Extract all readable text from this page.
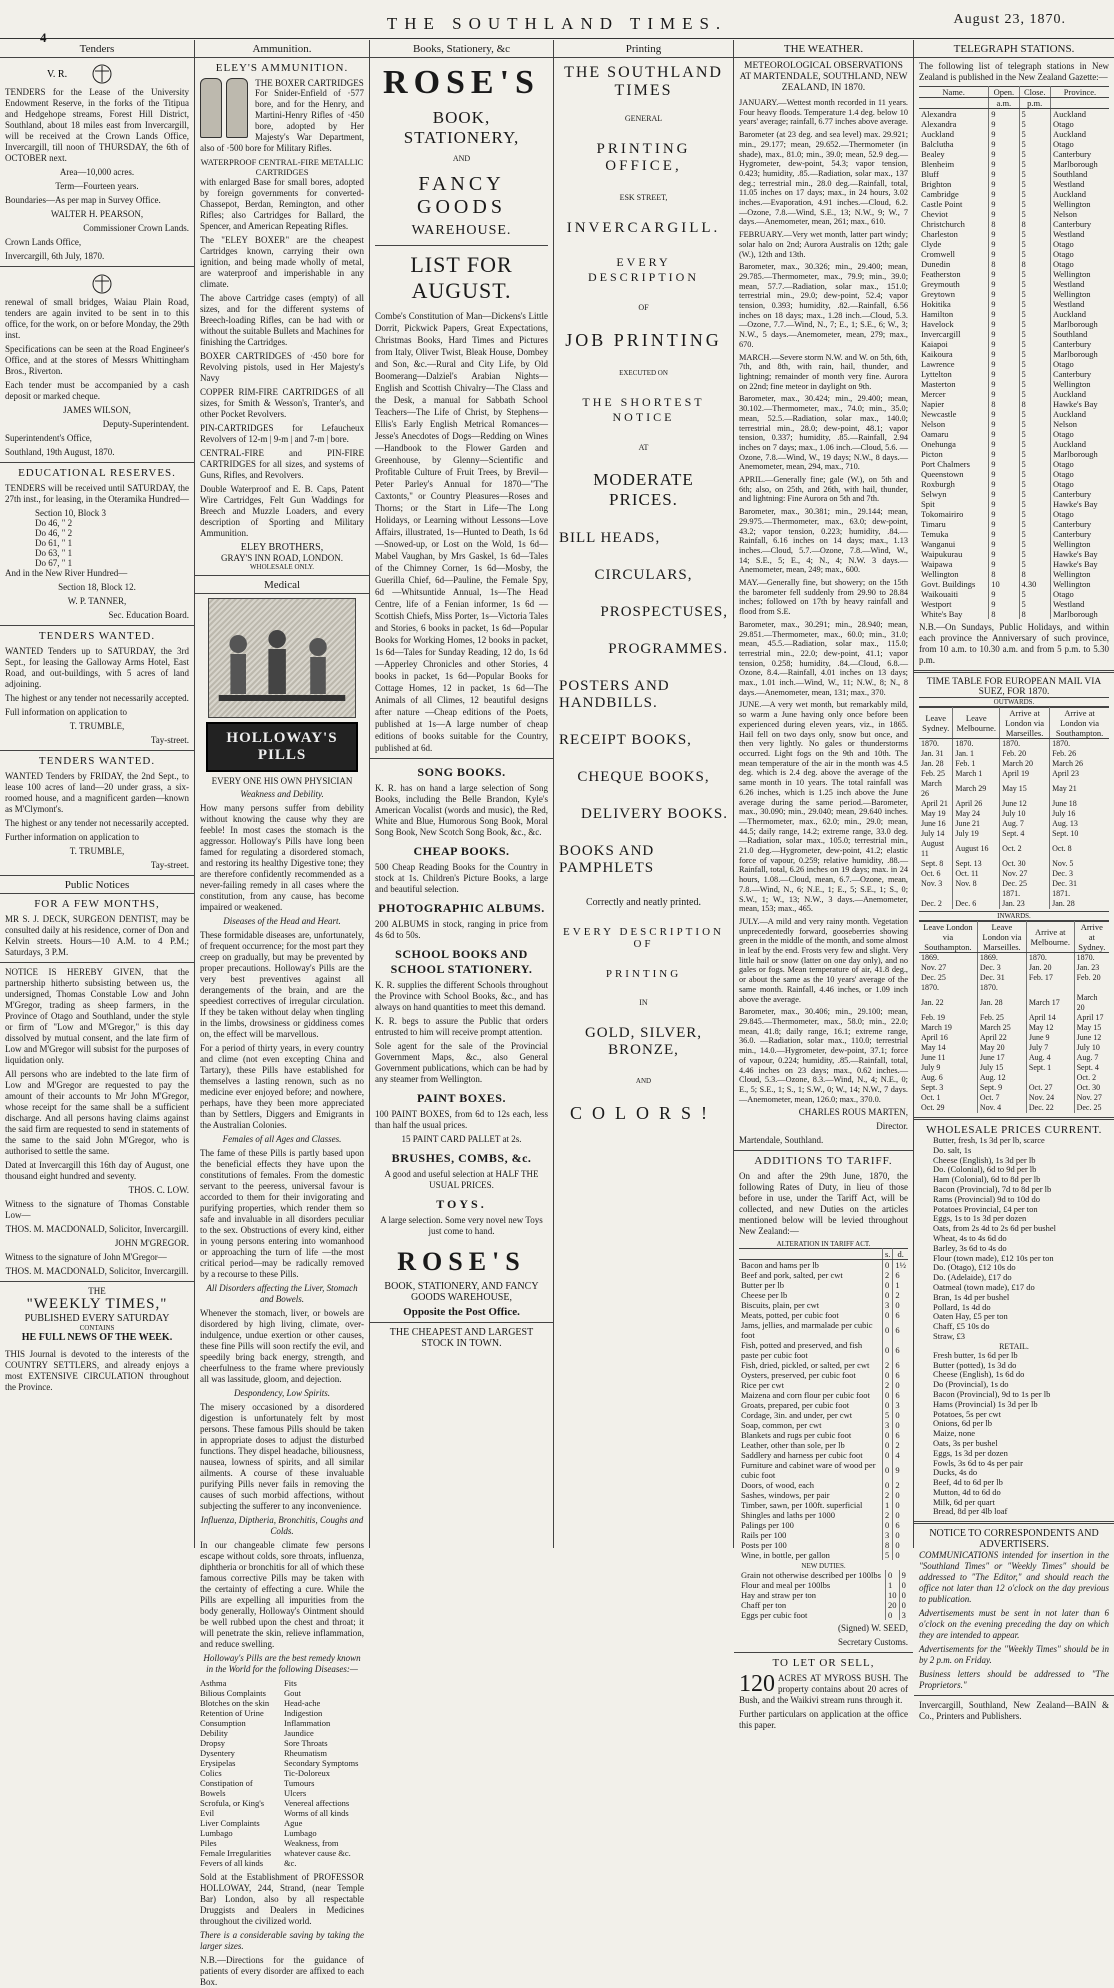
4
THE SOUTHLAND TIMES.	August 23, 1870.
Tenders
V. R.

TENDERS for the Lease of the University Endowment Reserve, in the forks of the Titipua and Hedgehope streams, Forest Hill District, Southland, about 18 miles east from Invercargill, will be received at the Crown Lands Office, Invercargill, till noon of THURSDAY, the 6th of OCTOBER next.

Area—10,000 acres.

Term—Fourteen years.

Boundaries—As per map in Survey Office.

WALTER H. PEARSON,

Commissioner Crown Lands.

Crown Lands Office,

Invercargill, 6th July, 1870.

renewal of small bridges, Waiau Plain Road, tenders are again invited to be sent in to this office, for the work, on or before Monday, the 29th inst.

Specifications can be seen at the Road Engineer's Office, and at the stores of Messrs Whittingham Bros., Riverton.

Each tender must be accompanied by a cash deposit or marked cheque.

JAMES WILSON,

Deputy-Superintendent.

Superintendent's Office,

Southland, 19th August, 1870.

EDUCATIONAL RESERVES.

TENDERS will be received until SATURDAY, the 27th inst., for leasing, in the Oteramika Hundred—

Section 10, Block 3
Do 46, " 2
Do 46, " 2
Do 61, " 1
Do 63, " 1
Do 67, " 1

And in the New River Hundred—

Section 18, Block 12.

W. P. TANNER,

Sec. Education Board.

TENDERS WANTED.

WANTED Tenders up to SATURDAY, the 3rd Sept., for leasing the Galloway Arms Hotel, East Road, and out-buildings, with 5 acres of land adjoining.

The highest or any tender not necessarily accepted.

Full information on application to

T. TRUMBLE,

Tay-street.

TENDERS WANTED.

WANTED Tenders by FRIDAY, the 2nd Sept., to lease 100 acres of land—20 under grass, a six-roomed house, and a magnificent garden—known as M'Clymont's.

The highest or any tender not necessarily accepted.

Further information on application to

T. TRUMBLE,

Tay-street.

Public Notices
FOR A FEW MONTHS,

MR S. J. DECK, SURGEON DENTIST, may be consulted daily at his residence, corner of Don and Kelvin streets. Hours—10 A.M. to 4 P.M.; Saturdays, 3 P.M.

NOTICE IS HEREBY GIVEN, that the partnership hitherto subsisting between us, the undersigned, Thomas Constable Low and John M'Gregor, trading as sheep farmers, in the Province of Otago and Southland, under the style or firm of "Low and M'Gregor," is this day dissolved by mutual consent, and the late firm of Low and M'Gregor will subsist for the purposes of liquidation only.

All persons who are indebted to the late firm of Low and M'Gregor are requested to pay the amount of their accounts to Mr John M'Gregor, whose receipt for the same shall be a sufficient discharge. And all persons having claims against the said firm are requested to send in statements of the same to the said John M'Gregor, who is authorised to settle the same.

Dated at Invercargill this 16th day of August, one thousand eight hundred and seventy.

THOS. C. LOW.

Witness to the signature of Thomas Constable Low—

THOS. M. MACDONALD, Solicitor, Invercargill.

JOHN M'GREGOR.

Witness to the signature of John M'Gregor—

THOS. M. MACDONALD, Solicitor, Invercargill.

THE
"WEEKLY TIMES,"
PUBLISHED EVERY SATURDAY
CONTAINS
HE FULL NEWS OF THE WEEK.

THIS Journal is devoted to the interests of the COUNTRY SETTLERS, and already enjoys a most EXTENSIVE CIRCULATION throughout the Province.

Ammunition.
ELEY'S AMMUNITION.
THE BOXER CARTRIDGES

For Snider-Enfield of ·577 bore, and for the Henry, and Martini-Henry Rifles of ·450 bore, adopted by Her Majesty's War Department, also of ·500 bore for Military Rifles.

WATERPROOF CENTRAL-FIRE METALLIC CARTRIDGES

with enlarged Base for small bores, adopted by foreign governments for converted-Chassepot, Berdan, Remington, and other Rifles; also Cartridges for Ballard, the Spencer, and American Repeating Rifles.

The "ELEY BOXER" are the cheapest Cartridges known, carrying their own ignition, and being made wholly of metal, are waterproof and imperishable in any climate.

The above Cartridge cases (empty) of all sizes, and for the different systems of Breech-loading Rifles, can be had with or without the suitable Bullets and Machines for finishing the Cartridges.

BOXER CARTRIDGES of ·450 bore for Revolving pistols, used in Her Majesty's Navy

COPPER RIM-FIRE CARTRIDGES of all sizes, for Smith & Wesson's, Tranter's, and other Pocket Revolvers.

PIN-CARTRIDGES for Lefaucheux Revolvers of 12-m | 9-m | and 7-m | bore.

CENTRAL-FIRE and PIN-FIRE CARTRIDGES for all sizes, and systems of Guns, Rifles, and Revolvers.

Double Waterproof and E. B. Caps, Patent Wire Cartridges, Felt Gun Waddings for Breech and Muzzle Loaders, and every description of Sporting and Military Ammunition.

ELEY BROTHERS,
GRAY'S INN ROAD, LONDON.
WHOLESALE ONLY.
Medical
HOLLOWAY'S PILLS
EVERY ONE HIS OWN PHYSICIAN

Weakness and Debility.

How many persons suffer from debility without knowing the cause why they are feeble! In most cases the stomach is the aggressor. Holloway's Pills have long been famed for regulating a disordered stomach, and restoring its healthy Digestive tone; they are therefore confidently recommended as a never-failing remedy in all cases where the constitution, from any cause, has become impaired or weakened.

Diseases of the Head and Heart.

These formidable diseases are, unfortunately, of frequent occurrence; for the most part they creep on gradually, but may be prevented by proper precautions. Holloway's Pills are the very best preventives against all derangements of the brain, and are the speediest correctives of irregular circulation. If they be taken without delay when tingling in the limbs, drowsiness or giddiness comes on, the effect will be marvellous.

For a period of thirty years, in every country and clime (not even excepting China and Tartary), these Pills have established for themselves a lasting renown, such as no medicine ever enjoyed before; and nowhere, perhaps, have they been more appreciated than by Settlers, Diggers and Emigrants in the Australian Colonies.

Females of all Ages and Classes.

The fame of these Pills is partly based upon the beneficial effects they have upon the constitutions of females. From the domestic servant to the peeress, universal favour is accorded to them for their invigorating and purifying properties, which render them so safe and invaluable in all disorders peculiar to the sex. Obstructions of every kind, either in young persons entering into womanhood or approaching the turn of life —the most critical period—may be radically removed by a recourse to these Pills.

All Disorders affecting the Liver, Stomach and Bowels.

Whenever the stomach, liver, or bowels are disordered by high living, climate, over-indulgence, undue exertion or other causes, these fine Pills will soon rectify the evil, and speedily bring back energy, strength, and cheerfulness to the frame where previously all was lassitude, gloom, and dejection.

Despondency, Low Spirits.

The misery occasioned by a disordered digestion is unfortunately felt by most persons. These famous Pills should be taken in appropriate doses to adjust the disturbed functions. They dispel headache, biliousness, nausea, lowness of spirits, and all similar ailments. A course of these invaluable purifying Pills never fails in removing the causes of such morbid affections, without subjecting the sufferer to any inconvenience.

Influenza, Diptheria, Bronchitis, Coughs and Colds.

In our changeable climate few persons escape without colds, sore throats, influenza, diphtheria or bronchitis for all of which these famous corrective Pills may be taken with the certainty of effecting a cure. While the Pills are expelling all impurities from the body generally, Holloway's Ointment should be well rubbed upon the chest and throat; it will penetrate the skin, relieve inflammation, and reduce swelling.

Holloway's Pills are the best remedy known in the World for the following Diseases:—

Asthma
Bilious Complaints
Blotches on the skin
Retention of Urine
Consumption
Debility
Dropsy
Dysentery
Erysipelas
Colics
Constipation of Bowels
Scrofula, or King's Evil
Liver Complaints
Lumbago
Piles
Female Irregularities
Fevers of all kinds
Fits
Gout
Head-ache
Indigestion
Inflammation
Jaundice
Sore Throats
Rheumatism
Secondary Symptoms
Tic-Doloreux
Tumours
Ulcers
Venereal affections
Worms of all kinds
Ague
Lumbago
Weakness, from whatever cause &c. &c.

Sold at the Establishment of PROFESSOR HOLLOWAY, 244, Strand, (near Temple Bar) London, also by all respectable Druggists and Dealers in Medicines throughout the civilized world.

There is a considerable saving by taking the larger sizes.

N.B.—Directions for the guidance of patients of every disorder are affixed to each Box.

Books, Stationery, &c
ROSE'S
BOOK, STATIONERY,
AND
FANCY GOODS
WAREHOUSE.
LIST FOR AUGUST.

Combe's Constitution of Man—Dickens's Little Dorrit, Pickwick Papers, Great Expectations, Christmas Books, Hard Times and Pictures from Italy, Oliver Twist, Bleak House, Dombey and Son, &c.—Rural and City Life, by Old Boomerang—Dalziel's Arabian Nights—English and Scottish Chivalry—The Class and the Desk, a manual for Sabbath School Teachers—The Life of Christ, by Stephens—Ellis's Early English Metrical Romances—Jesse's Anecdotes of Dogs—Redding on Wines—Handbook to the Flower Garden and Greenhouse, by Glenny—Scientific and Profitable Culture of Fruit Trees, by Brevil—Peter Parley's Annual for 1870—"The Caxtonts," or Country Pleasures—Roses and Thorns; or the Start in Life—The Long Holidays, or Learning without Lessons—Love Affairs, illustrated, 1s—Hunted to Death, 1s 6d—Snowed-up, or Lost on the Wold, 1s 6d—Mabel Vaughan, by Mrs Gaskel, 1s 6d—Tales of the Chimney Corner, 1s 6d—Mosby, the Guerilla Chief, 6d—Pauline, the Female Spy, 6d —Whitsuntide Annual, 1s—The Head Centre, life of a Fenian informer, 1s 6d —Scottish Chiefs, Miss Porter, 1s—Victoria Tales and Stories, 6 books in packet, 1s 6d—Popular Books for Working Homes, 12 books in packet, 1s 6d—Tales for Sunday Reading, 12 do, 1s 6d—Apperley Chronicles and other Stories, 4 books in packet, 1s 6d—Popular Books for Cottage Homes, 12 in packet, 1s 6d—The Animals of all Climes, 12 beautiful designs after nature —Cheap editions of the Poets, published at 1s—A large number of cheap editions of books suitable for the Country, published at 6d.

SONG BOOKS.

K. R. has on hand a large selection of Song Books, including the Belle Brandon, Kyle's American Vocalist (words and music), the Red, White and Blue, Humorous Song Book, Moral Song Book, New Scotch Song Book, &c., &c.

CHEAP BOOKS.

500 Cheap Reading Books for the Country in stock at 1s. Children's Picture Books, a large and beautiful selection.

PHOTOGRAPHIC ALBUMS.

200 ALBUMS in stock, ranging in price from 4s 6d to 50s.

SCHOOL BOOKS AND SCHOOL STATIONERY.

K. R. supplies the different Schools throughout the Province with School Books, &c., and has always on hand quantities to meet this demand.

K. R. begs to assure the Public that orders entrusted to him will receive prompt attention.

Sole agent for the sale of the Provincial Government Maps, &c., also General Government publications, which can be had by any steamer from Wellington.

PAINT BOXES.

100 PAINT BOXES, from 6d to 12s each, less than half the usual prices.

15 PAINT CARD PALLET at 2s.

BRUSHES, COMBS, &c.

A good and useful selection at HALF THE USUAL PRICES.

TOYS.

A large selection. Some very novel new Toys just come to hand.

ROSE'S
BOOK, STATIONERY, AND FANCY
GOODS WAREHOUSE,
Opposite the Post Office.
THE CHEAPEST AND LARGEST STOCK IN TOWN.
Printing
THE SOUTHLAND TIMES
GENERAL
PRINTING OFFICE,
ESK STREET,
INVERCARGILL.
EVERY DESCRIPTION
OF
JOB PRINTING
EXECUTED ON
THE SHORTEST NOTICE
AT
MODERATE PRICES.
BILL HEADS,
CIRCULARS,
PROSPECTUSES,
PROGRAMMES.
POSTERS AND HANDBILLS.
RECEIPT BOOKS,
CHEQUE BOOKS,
DELIVERY BOOKS.
BOOKS AND PAMPHLETS
Correctly and neatly printed.
EVERY DESCRIPTION OF
PRINTING
IN
GOLD, SILVER, BRONZE,
AND
COLORS!
THE WEATHER.
METEOROLOGICAL OBSERVATIONS AT MARTENDALE, SOUTHLAND, NEW ZEALAND, IN 1870.

JANUARY.—Wettest month recorded in 11 years. Four heavy floods. Temperature 1.4 deg. below 10 years' average; rainfall, 6.77 inches above average.

Barometer (at 23 deg. and sea level) max. 29.921; min., 29.177; mean, 29.652.—Thermometer (in shade), max., 81.0; min., 39.0; mean, 52.9 deg.—Hygrometer, dew-point, 54.3; vapor tension, 0.423; humidity, .85.—Radiation, solar max., 137 deg.; terrestrial min., 28.0 deg.—Rainfall, total, 11.05 inches on 17 days; max., in 24 hours, 3.02 inches.—Evaporation, 4.91 inches.—Cloud, 6.2.—Ozone, 7.8.—Wind, S.E., 13; N.W., 9; W., 7 days.—Anemometer, mean, 261; max., 610.

FEBRUARY.—Very wet month, latter part windy; solar halo on 2nd; Aurora Australis on 12th; gale (W.), 12th and 13th.

Barometer, max., 30.326; min., 29.400; mean, 29.785.—Thermometer, max., 79.9; min., 39.0; mean, 57.7.—Radiation, solar max., 151.0; terrestrial min., 29.0; dew-point, 52.4; vapor tension, 0.393; humidity, .82.—Rainfall, 6.56 inches on 18 days; max., 1.28 inch.—Cloud, 5.3. —Ozone, 7.7.—Wind, N., 7; E., 1; S.E., 6; W., 3; N.W., 5 days.—Anemometer, mean, 279; max., 670.

MARCH.—Severe storm N.W. and W. on 5th, 6th, 7th, and 8th, with rain, hail, thunder, and lightning; remainder of month very fine. Aurora on 22nd; fine meteor in daylight on 9th.

Barometer, max., 30.424; min., 29.400; mean, 30.102.—Thermometer, max., 74.0; min., 35.0; mean, 52.5.—Radiation, solar max., 140.0; terrestrial min., 28.0; dew-point, 48.1; vapor tension, 0.337; humidity, .85.—Rainfall, 2.94 inches on 7 days; max., 1.06 inch.—Cloud, 5.6. —Ozone, 7.8.—Wind, W., 19 days; N.W., 8 days.—Anemometer, mean, 294, max., 710.

APRIL.—Generally fine; gale (W.), on 5th and 6th; also, on 25th, and 26th, with hail, thunder, and lightning: Fine Aurora on 5th and 7th.

Barometer, max., 30.381; min., 29.144; mean, 29.975.—Thermometer, max., 63.0; dew-point, 43.2; vapor tension, 0.223; humidity, .84.—Rainfall, 6.16 inches on 14 days; max., 1.13 inches.—Cloud, 5.7.—Ozone, 7.8.—Wind, W., 14; S.E., 5; E., 4; N., 4; N.W. 3 days.—Anemometer, mean, 249; max., 600.

MAY.—Generally fine, but showery; on the 15th the barometer fell suddenly from 29.90 to 28.84 inches; followed on 17th by heavy rainfall and flood from S.E.

Barometer, max., 30.291; min., 28.940; mean, 29.851.—Thermometer, max., 60.0; min., 31.0; mean, 45.5.—Radiation, solar max., 115.0; terrestrial min., 22.0; dew-point, 41.1; vapor tension, 0.258; humidity, .84.—Cloud, 6.8.—Ozone, 8.4.—Rainfall, 4.01 inches on 13 days; max., 1.01 inch.—Wind, W., 11; N.W., 8; N., 8 days.—Anemometer, mean, 131; max., 370.

JUNE.—A very wet month, but remarkably mild, so warm a June having only once before been experienced during eleven years, viz., in 1865. Hail fell on two days only, snow but once, and then very lightly. No gales or thunderstorms occurred. Light fogs on the 9th and 10th. The mean temperature of the air in the month was 4.5 deg. which is 2.4 deg. above the average of the same month in 10 years. The total rainfall was 6.26 inches, which is 1.25 inch above the June average during the same period.—Barometer, max., 30.090; min., 29.040; mean, 29.640 inches. —Thermometer, max., 62.0; min., 29.0; mean, 44.5; daily range, 14.2; extreme range, 33.0 deg.—Radiation, solar max., 105.0; terrestrial min., 21.0 deg.—Hygrometer, dew-point, 41.2; elastic force of vapour, 0.259; relative humidity, .88.—Rainfall, total, 6.26 inches on 19 days; max. in 24 hours, 1.08.—Cloud, mean, 6.7.—Ozone, mean, 7.8.—Wind, N., 6; N.E., 1; E., 5; S.E., 1; S., 0; S.W., 1; W., 13; N.W., 3 days.—Anemometer, mean, 153; max., 465.

JULY.—A mild and very rainy month. Vegetation unprecedentedly forward, gooseberries showing green in the middle of the month, and some almost in leaf by the end. Frosts very few and slight. Very little hail or snow (latter on one day only), and no gales or fogs. Mean temperature of air, 41.8 deg., or about the same as the 10 years' average of the same month. Rainfall, 4.46 inches, or 1.09 inch above the average.

Barometer, max., 30.406; min., 29.100; mean, 29.845.—Thermometer, max., 58.0; min., 22.0; mean, 41.8; daily range, 16.1; extreme range, 36.0. —Radiation, solar max., 110.0; terrestrial min., 14.0.—Hygrometer, dew-point, 37.1; force of vapour, 0.224; humidity, .85.—Rainfall, total, 4.46 inches on 23 days; max., 0.62 inches.—Cloud, 5.3.—Ozone, 8.3.—Wind, N., 4; N.E., 0; E., 5; S.E., 1; S., 1; S.W., 0; W., 14; N.W., 7 days. —Anemometer, mean, 126.0; max., 370.0.

CHARLES ROUS MARTEN,

Director.

Martendale, Southland.

ADDITIONS TO TARIFF.

On and after the 29th June, 1870, the following Rates of Duty, in lieu of those before in use, under the Tariff Act, will be collected, and new Duties on the articles mentioned below will be levied throughout New Zealand:—

ALTERATION IN TARIFF ACT.
	s.	d.
Bacon and hams per lb	0	1½
Beef and pork, salted, per cwt	2	6
Butter per lb	0	1
Cheese per lb	0	2
Biscuits, plain, per cwt	3	0
Meats, potted, per cubic foot	0	6
Jams, jellies, and marmalade per cubic foot	0	6
Fish, potted and preserved, and fish paste per cubic foot	0	6
Fish, dried, pickled, or salted, per cwt	2	6
Oysters, preserved, per cubic foot	0	6
Rice per cwt	2	0
Maizena and corn flour per cubic foot	0	6
Groats, prepared, per cubic foot	0	3
Cordage, 3in. and under, per cwt	5	0
Soap, common, per cwt	3	0
Blankets and rugs per cubic foot	0	6
Leather, other than sole, per lb	0	2
Saddlery and harness per cubic foot	0	4
Furniture and cabinet ware of wood per cubic foot	0	9
Doors, of wood, each	0	2
Sashes, windows, per pair	2	0
Timber, sawn, per 100ft. superficial	1	0
Shingles and laths per 1000	2	0
Palings per 100	0	6
Rails per 100	3	0
Posts per 100	8	0
Wine, in bottle, per gallon	5	0
NEW DUTIES.
Grain not otherwise described per 100lbs	0	9
Flour and meal per 100lbs	1	0
Hay and straw per ton	10	0
Chaff per ton	20	0
Eggs per cubic foot	0	3

(Signed) W. SEED,

Secretary Customs.

TO LET OR SELL,
120 ACRES AT MYROSS BUSH. The property contains about 20 acres of Bush, and the Waikivi stream runs through it.

Further particulars on application at the office this paper.

TELEGRAPH STATIONS.

The following list of telegraph stations in New Zealand is published in the New Zealand Gazette:—

Name.	Open.	Close.	Province.
	a.m.	p.m.	
Alexandra	9	5	Auckland
Alexandra	9	5	Otago
Auckland	9	5	Auckland
Balclutha	9	5	Otago
Bealey	9	5	Canterbury
Blenheim	9	5	Marlborough
Bluff	9	5	Southland
Brighton	9	5	Westland
Cambridge	9	5	Auckland
Castle Point	9	5	Wellington
Cheviot	9	5	Nelson
Christchurch	8	8	Canterbury
Charleston	9	5	Westland
Clyde	9	5	Otago
Cromwell	9	5	Otago
Dunedin	8	8	Otago
Featherston	9	5	Wellington
Greymouth	9	5	Westland
Greytown	9	5	Wellington
Hokitika	9	5	Westland
Hamilton	9	5	Auckland
Havelock	9	5	Marlborough
Invercargill	9	5	Southland
Kaiapoi	9	5	Canterbury
Kaikoura	9	5	Marlborough
Lawrence	9	5	Otago
Lyttelton	9	5	Canterbury
Masterton	9	5	Wellington
Mercer	9	5	Auckland
Napier	8	8	Hawke's Bay
Newcastle	9	5	Auckland
Nelson	9	5	Nelson
Oamaru	9	5	Otago
Onehunga	9	5	Auckland
Picton	9	5	Marlborough
Port Chalmers	9	5	Otago
Queenstown	9	5	Otago
Roxburgh	9	5	Otago
Selwyn	9	5	Canterbury
Spit	9	5	Hawke's Bay
Tokomairiro	9	5	Otago
Timaru	9	5	Canterbury
Temuka	9	5	Canterbury
Wanganui	9	5	Wellington
Waipukurau	9	5	Hawke's Bay
Waipawa	9	5	Hawke's Bay
Wellington	8	8	Wellington
Govt. Buildings	10	4.30	Wellington
Waikouaiti	9	5	Otago
Westport	9	5	Westland
White's Bay	8	8	Marlborough

N.B.—On Sundays, Public Holidays, and within each province the Anniversary of such province, from 10 a.m. to 10.30 a.m. and from 5 p.m. to 5.30 p.m.

TIME TABLE FOR EUROPEAN MAIL VIA SUEZ, FOR 1870.
OUTWARDS.
Leave Sydney.	Leave Melbourne.	Arrive at London via Marseilles.	Arrive at London via Southampton.
1870.	1870.	1870.	1870.
Jan. 31	Jan. 1	Feb. 20	Feb. 26
Jan. 28	Feb. 1	March 20	March 26
Feb. 25	March 1	April 19	April 23
March 26	March 29	May 15	May 21
April 21	April 26	June 12	June 18
May 19	May 24	July 10	July 16
June 16	June 21	Aug. 7	Aug. 13
July 14	July 19	Sept. 4	Sept. 10
August 11	August 16	Oct. 2	Oct. 8
Sept. 8	Sept. 13	Oct. 30	Nov. 5
Oct. 6	Oct. 11	Nov. 27	Dec. 3
Nov. 3	Nov. 8	Dec. 25	Dec. 31
		1871.	1871.
Dec. 2	Dec. 6	Jan. 23	Jan. 28
INWARDS.
Leave London via Southampton.	Leave London via Marseilles.	Arrive at Melbourne.	Arrive at Sydney.
1869.	1869.	1870.	1870.
Nov. 27	Dec. 3	Jan. 20	Jan. 23
Dec. 25	Dec. 31	Feb. 17	Feb. 20
1870.	1870.		
Jan. 22	Jan. 28	March 17	March 20
Feb. 19	Feb. 25	April 14	April 17
March 19	March 25	May 12	May 15
April 16	April 22	June 9	June 12
May 14	May 20	July 7	July 10
June 11	June 17	Aug. 4	Aug. 7
July 9	July 15	Sept. 1	Sept. 4
Aug. 6	Aug. 12		Oct. 2
Sept. 3	Sept. 9	Oct. 27	Oct. 30
Oct. 1	Oct. 7	Nov. 24	Nov. 27
Oct. 29	Nov. 4	Dec. 22	Dec. 25
WHOLESALE PRICES CURRENT.
Butter, fresh, 1s 3d per lb, scarce
Do. salt, 1s
Cheese (English), 1s 3d per lb
Do. (Colonial), 6d to 9d per lb
Ham (Colonial), 6d to 8d per lb
Bacon (Provincial), 7d to 8d per lb
Rams (Provincial) 9d to 10d do
Potatoes Provincial, £4 per ton
Eggs, 1s to 1s 3d per dozen
Oats, from 2s 4d to 2s 6d per bushel
Wheat, 4s to 4s 6d do
Barley, 3s 6d to 4s do
Flour (town made), £12 10s per ton
Do. (Otago), £12 10s do
Do. (Adelaide), £17 do
Oatmeal (town made), £17 do
Bran, 1s 4d per bushel
Pollard, 1s 4d do
Oaten Hay, £5 per ton
Chaff, £5 10s do
Straw, £3
RETAIL.
Fresh butter, 1s 6d per lb
Butter (potted), 1s 3d do
Cheese (English), 1s 6d do
Do (Provincial), 1s do
Bacon (Provincial), 9d to 1s per lb
Hams (Provincial) 1s 3d per lb
Potatoes, 5s per cwt
Onions, 6d per lb
Maize, none
Oats, 3s per bushel
Eggs, 1s 3d per dozen
Fowls, 3s 6d to 4s per pair
Ducks, 4s do
Beef, 4d to 6d per lb
Mutton, 4d to 6d do
Milk, 6d per quart
Bread, 8d per 4lb loaf
NOTICE TO CORRESPONDENTS AND ADVERTISERS.

COMMUNICATIONS intended for insertion in the "Southland Times" or "Weekly Times" should be addressed to "The Editor," and should reach the office not later than 12 o'clock on the day previous to publication.

Advertisements must be sent in not later than 6 o'clock on the evening preceding the day on which they are intended to appear.

Advertisements for the "Weekly Times" should be in by 2 p.m. on Friday.

Business letters should be addressed to "The Proprietors."

Invercargill, Southland, New Zealand—BAIN & Co., Printers and Publishers.
